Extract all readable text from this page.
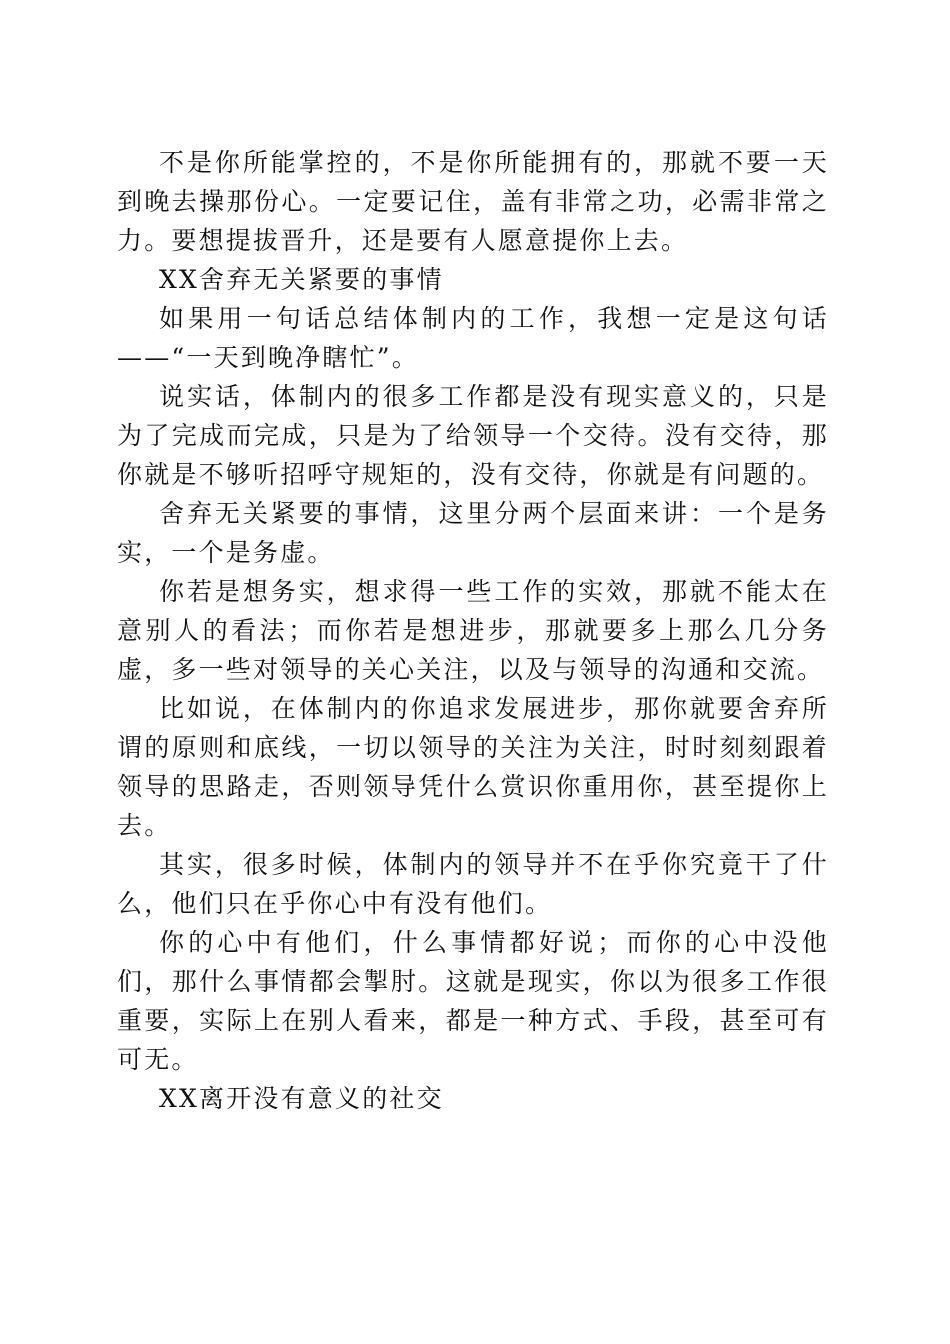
不是你所能掌控的，不是你所能拥有的，那就不要一天到晚去操那份心。一定要记住，盖有非常之功，必需非常之力。要想提拔晋升，还是要有人愿意提你上去。

XX舍弃无关紧要的事情

如果用一句话总结体制内的工作，我想一定是这句话——“一天到晚净瞎忙”。

说实话，体制内的很多工作都是没有现实意义的，只是为了完成而完成，只是为了给领导一个交待。没有交待，那你就是不够听招呼守规矩的，没有交待，你就是有问题的。

舍弃无关紧要的事情，这里分两个层面来讲：一个是务实，一个是务虚。

你若是想务实，想求得一些工作的实效，那就不能太在意别人的看法；而你若是想进步，那就要多上那么几分务虚，多一些对领导的关心关注，以及与领导的沟通和交流。

比如说，在体制内的你追求发展进步，那你就要舍弃所谓的原则和底线，一切以领导的关注为关注，时时刻刻跟着领导的思路走，否则领导凭什么赏识你重用你，甚至提你上去。

其实，很多时候，体制内的领导并不在乎你究竟干了什么，他们只在乎你心中有没有他们。

你的心中有他们，什么事情都好说；而你的心中没他们，那什么事情都会掣肘。这就是现实，你以为很多工作很重要，实际上在别人看来，都是一种方式、手段，甚至可有可无。

XX离开没有意义的社交
